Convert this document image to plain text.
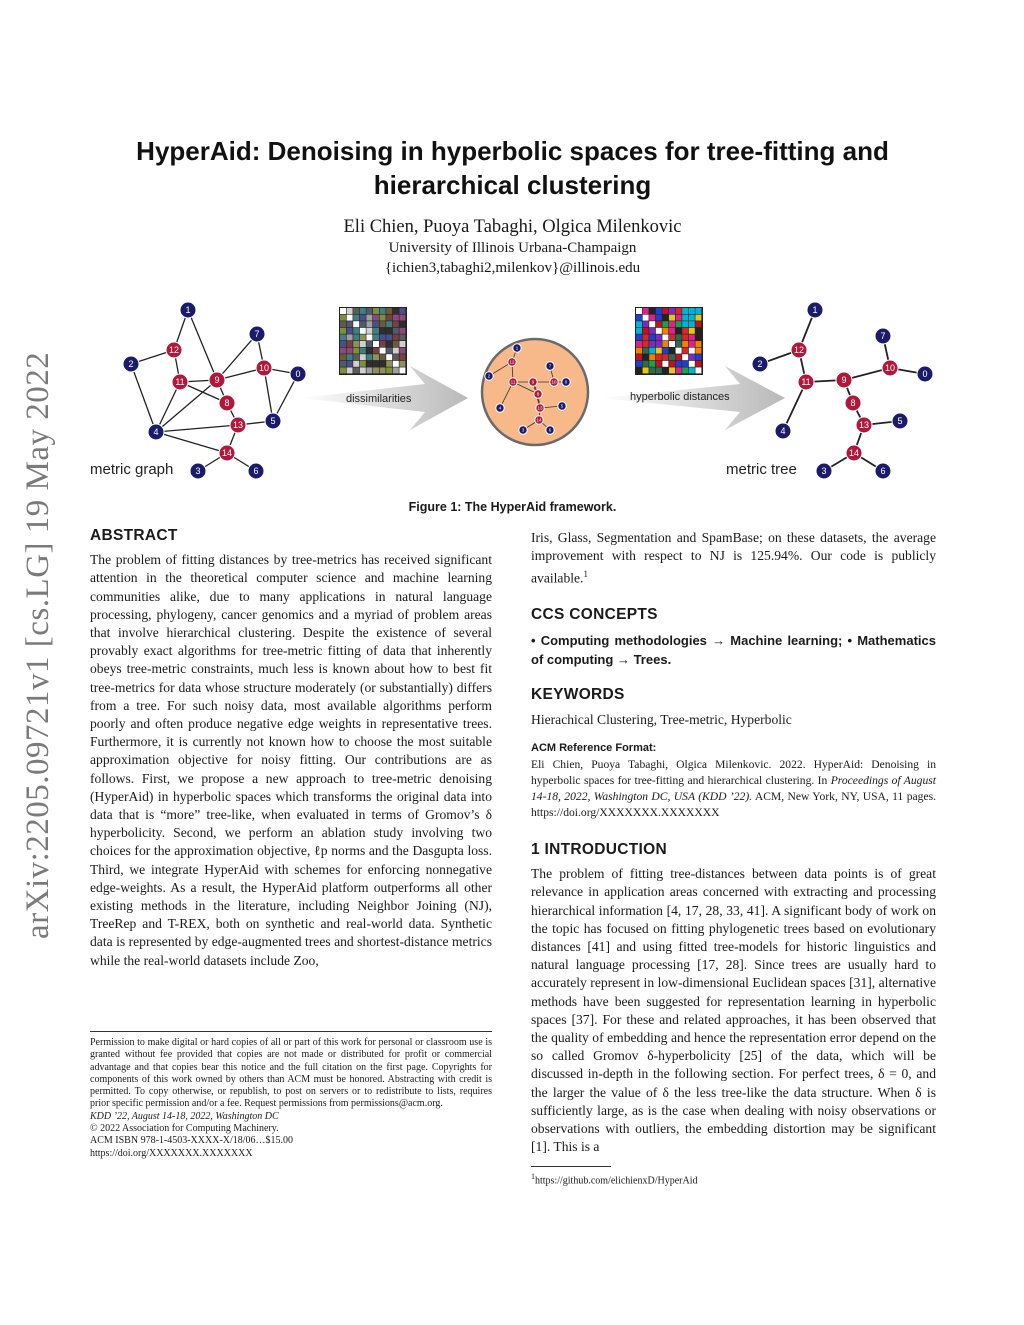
arXiv:2205.09721v1 [cs.LG] 19 May 2022
HyperAid: Denoising in hyperbolic spaces for tree-fitting and hierarchical clustering
Eli Chien, Puoya Tabaghi, Olgica Milenkovic
University of Illinois Urbana-Champaign
{ichien3,tabaghi2,milenkov}@illinois.edu
0
1
2
3
4
5
6
7
8
9
10
11
12
13
14
metric graph
dissimilarities	hyperbolic distances
0
1
2
3
4	5
6
7
8
9	10
11
12
13
14
0
1
2
3
4
5
6
7
8
9
10
11
12
13
14
metric tree
Figure 1: The HyperAid framework.
ABSTRACT

The problem of fitting distances by tree-metrics has received significant attention in the theoretical computer science and machine learning communities alike, due to many applications in natural language processing, phylogeny, cancer genomics and a myriad of problem areas that involve hierarchical clustering. Despite the existence of several provably exact algorithms for tree-metric fitting of data that inherently obeys tree-metric constraints, much less is known about how to best fit tree-metrics for data whose structure moderately (or substantially) differs from a tree. For such noisy data, most available algorithms perform poorly and often produce negative edge weights in representative trees. Furthermore, it is currently not known how to choose the most suitable approximation objective for noisy fitting. Our contributions are as follows. First, we propose a new approach to tree-metric denoising (HyperAid) in hyperbolic spaces which transforms the original data into data that is “more” tree-like, when evaluated in terms of Gromov’s δ hyperbolicity. Second, we perform an ablation study involving two choices for the approximation objective, ℓp norms and the Dasgupta loss. Third, we integrate HyperAid with schemes for enforcing nonnegative edge-weights. As a result, the HyperAid platform outperforms all other existing methods in the literature, including Neighbor Joining (NJ), TreeRep and T-REX, both on synthetic and real-world data. Synthetic data is represented by edge-augmented trees and shortest-distance metrics while the real-world datasets include Zoo,

Permission to make digital or hard copies of all or part of this work for personal or classroom use is granted without fee provided that copies are not made or distributed for profit or commercial advantage and that copies bear this notice and the full citation on the first page. Copyrights for components of this work owned by others than ACM must be honored. Abstracting with credit is permitted. To copy otherwise, or republish, to post on servers or to redistribute to lists, requires prior specific permission and/or a fee. Request permissions from permissions@acm.org.
KDD ’22, August 14-18, 2022, Washington DC
© 2022 Association for Computing Machinery.
ACM ISBN 978-1-4503-XXXX-X/18/06…$15.00
https://doi.org/XXXXXXX.XXXXXXX

Iris, Glass, Segmentation and SpamBase; on these datasets, the average improvement with respect to NJ is 125.94%. Our code is publicly available.$^1$

CCS CONCEPTS
• Computing methodologies → Machine learning; • Mathematics of computing → Trees.
KEYWORDS
Hierachical Clustering, Tree-metric, Hyperbolic
ACM Reference Format:
Eli Chien, Puoya Tabaghi, Olgica Milenkovic. 2022. HyperAid: Denoising in hyperbolic spaces for tree-fitting and hierarchical clustering. In Proceedings of August 14-18, 2022, Washington DC, USA (KDD ’22). ACM, New York, NY, USA, 11 pages. https://doi.org/XXXXXXX.XXXXXXX
1 INTRODUCTION

The problem of fitting tree-distances between data points is of great relevance in application areas concerned with extracting and processing hierarchical information [4, 17, 28, 33, 41]. A significant body of work on the topic has focused on fitting phylogenetic trees based on evolutionary distances [41] and using fitted tree-models for historic linguistics and natural language processing [17, 28]. Since trees are usually hard to accurately represent in low-dimensional Euclidean spaces [31], alternative methods have been suggested for representation learning in hyperbolic spaces [37]. For these and related approaches, it has been observed that the quality of embedding and hence the representation error depend on the so called Gromov δ-hyperbolicity [25] of the data, which will be discussed in-depth in the following section. For perfect trees, δ = 0, and the larger the value of δ the less tree-like the data structure. When δ is sufficiently large, as is the case when dealing with noisy observations or observations with outliers, the embedding distortion may be significant [1]. This is a

$^1$https://github.com/elichienxD/HyperAid
